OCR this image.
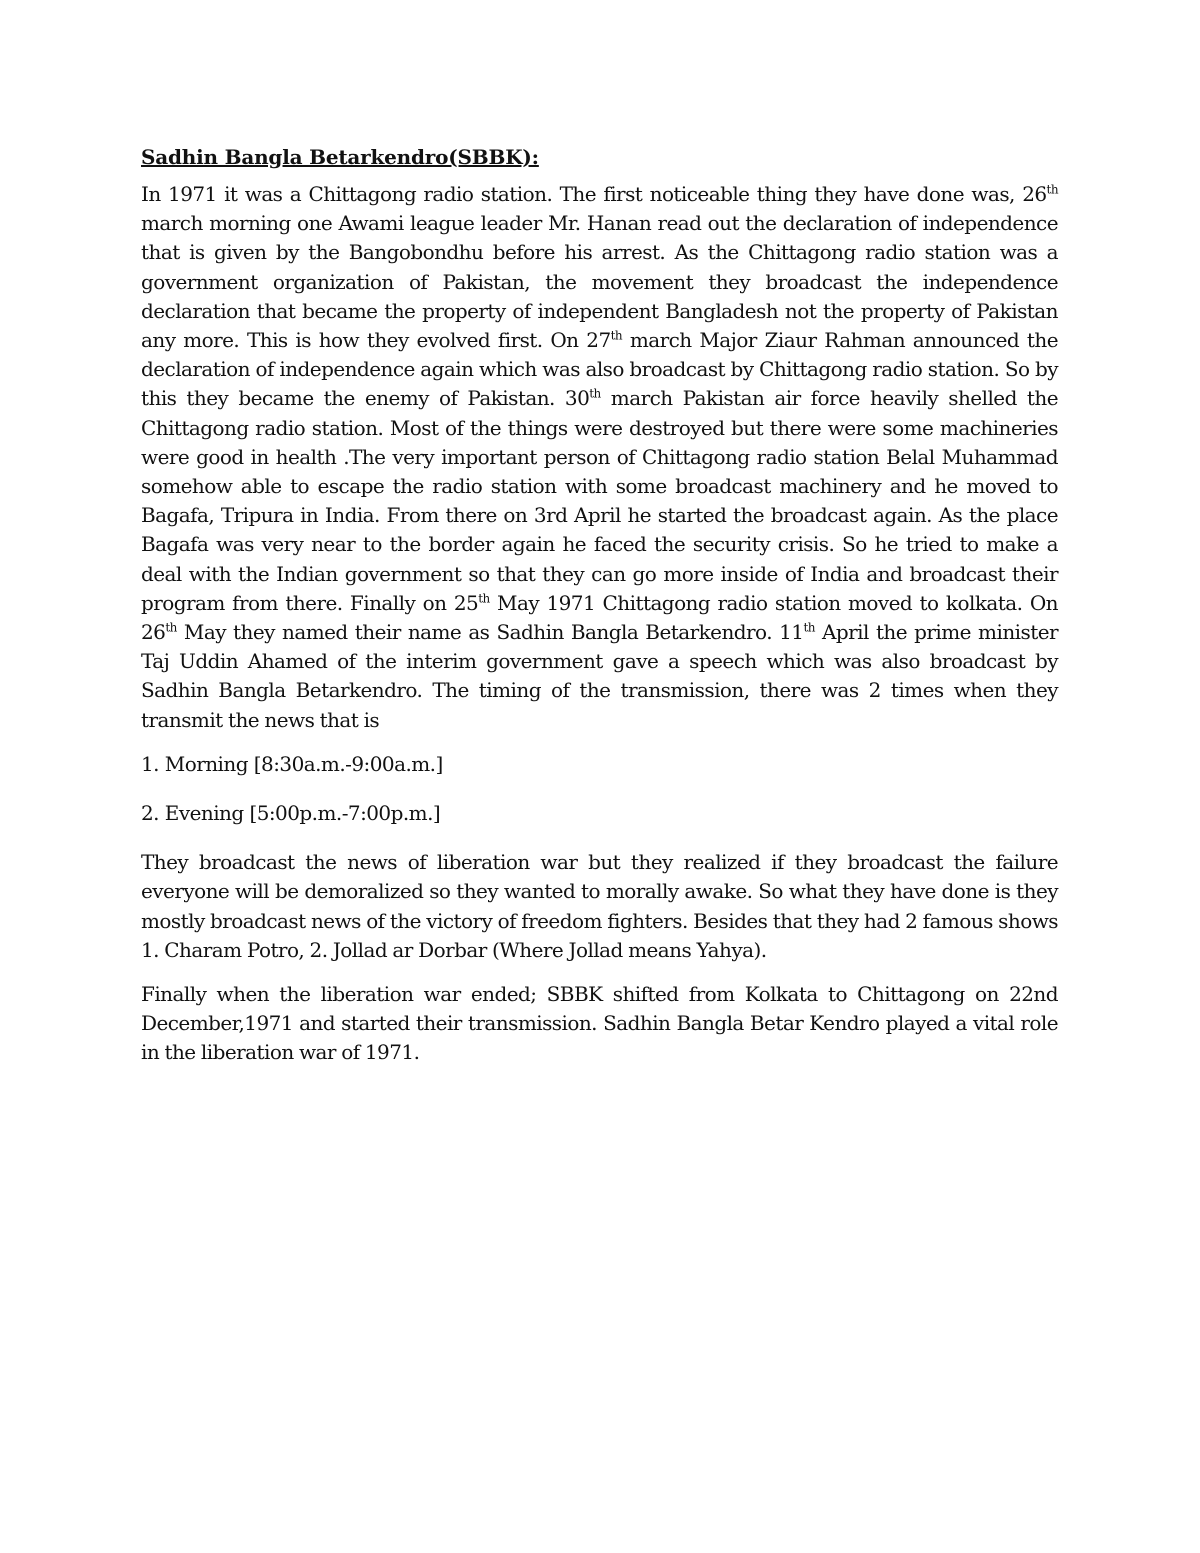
Sadhin Bangla Betarkendro(SBBK):

In 1971 it was a Chittagong radio station. The first noticeable thing they have done was, 26th march morning one Awami league leader Mr. Hanan read out the declaration of independence that is given by the Bangobondhu before his arrest. As the Chittagong radio station was a government organization of Pakistan, the movement they broadcast the independence declaration that became the property of independent Bangladesh not the property of Pakistan any more. This is how they evolved first. On 27th march Major Ziaur Rahman announced the declaration of independence again which was also broadcast by Chittagong radio station. So by this they became the enemy of Pakistan. 30th march Pakistan air force heavily shelled the Chittagong radio station. Most of the things were destroyed but there were some machineries were good in health .The very important person of Chittagong radio station Belal Muhammad somehow able to escape the radio station with some broadcast machinery and he moved to Bagafa, Tripura in India. From there on 3rd April he started the broadcast again. As the place Bagafa was very near to the border again he faced the security crisis. So he tried to make a deal with the Indian government so that they can go more inside of India and broadcast their program from there. Finally on 25th May 1971 Chittagong radio station moved to kolkata. On 26th May they named their name as Sadhin Bangla Betarkendro. 11th April the prime minister Taj Uddin Ahamed of the interim government gave a speech which was also broadcast by Sadhin Bangla Betarkendro. The timing of the transmission, there was 2 times when they transmit the news that is

1. Morning [8:30a.m.-9:00a.m.]
2. Evening [5:00p.m.-7:00p.m.]

They broadcast the news of liberation war but they realized if they broadcast the failure everyone will be demoralized so they wanted to morally awake. So what they have done is they mostly broadcast news of the victory of freedom fighters. Besides that they had 2 famous shows 1. Charam Potro, 2. Jollad ar Dorbar (Where Jollad means Yahya).

Finally when the liberation war ended; SBBK shifted from Kolkata to Chittagong on 22nd December,1971 and started their transmission. Sadhin Bangla Betar Kendro played a vital role in the liberation war of 1971.
